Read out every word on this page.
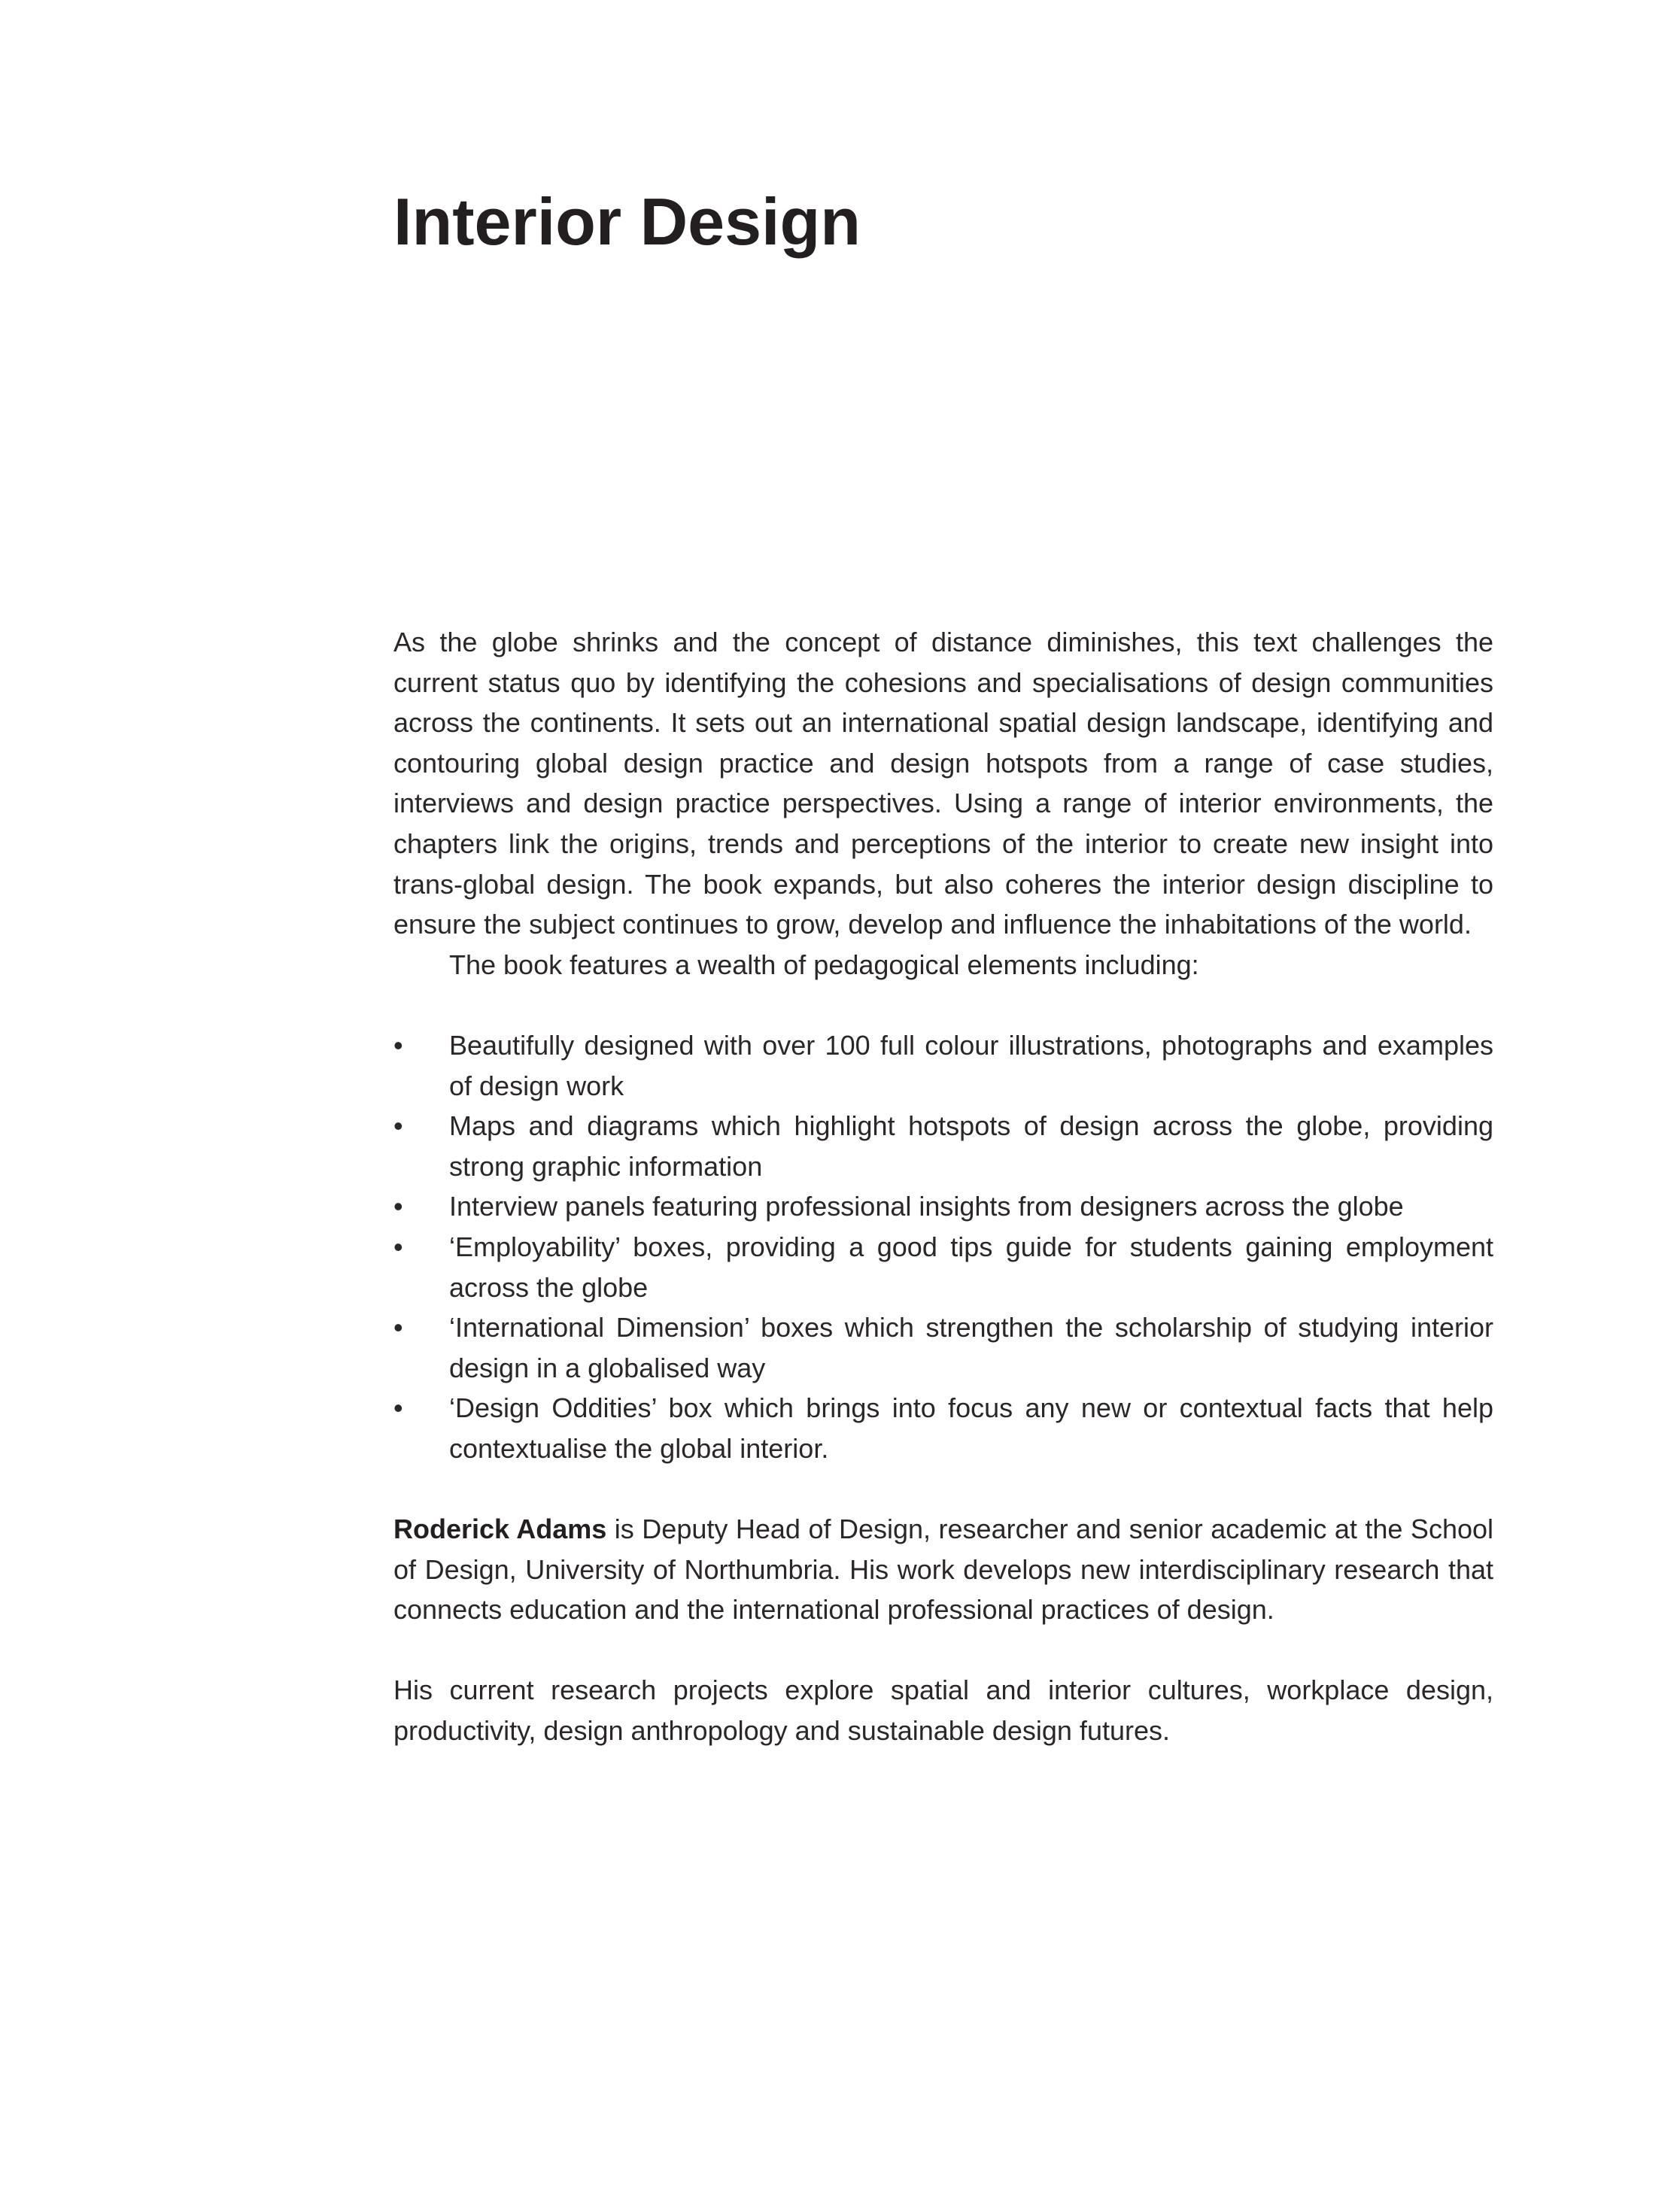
Interior Design

As the globe shrinks and the concept of distance diminishes, this text challenges the current status quo by identifying the cohesions and specialisations of design communities across the continents. It sets out an international spatial design landscape, identifying and contouring global design practice and design hotspots from a range of case studies, interviews and design practice perspectives. Using a range of interior environments, the chapters link the origins, trends and perceptions of the interior to create new insight into trans-global design. The book expands, but also coheres the interior design discipline to ensure the subject continues to grow, develop and influence the inhabitations of the world.

The book features a wealth of pedagogical elements including:

• Beautifully designed with over 100 full colour illustrations, photographs and examples of design work
• Maps and diagrams which highlight hotspots of design across the globe, providing strong graphic information
• Interview panels featuring professional insights from designers across the globe
• ‘Employability’ boxes, providing a good tips guide for students gaining employment across the globe
• ‘International Dimension’ boxes which strengthen the scholarship of studying interior design in a globalised way
• ‘Design Oddities’ box which brings into focus any new or contextual facts that help contextualise the global interior.

Roderick Adams is Deputy Head of Design, researcher and senior academic at the School of Design, University of Northumbria. His work develops new interdisciplinary research that connects education and the international professional practices of design.

His current research projects explore spatial and interior cultures, workplace design, productivity, design anthropology and sustainable design futures.
